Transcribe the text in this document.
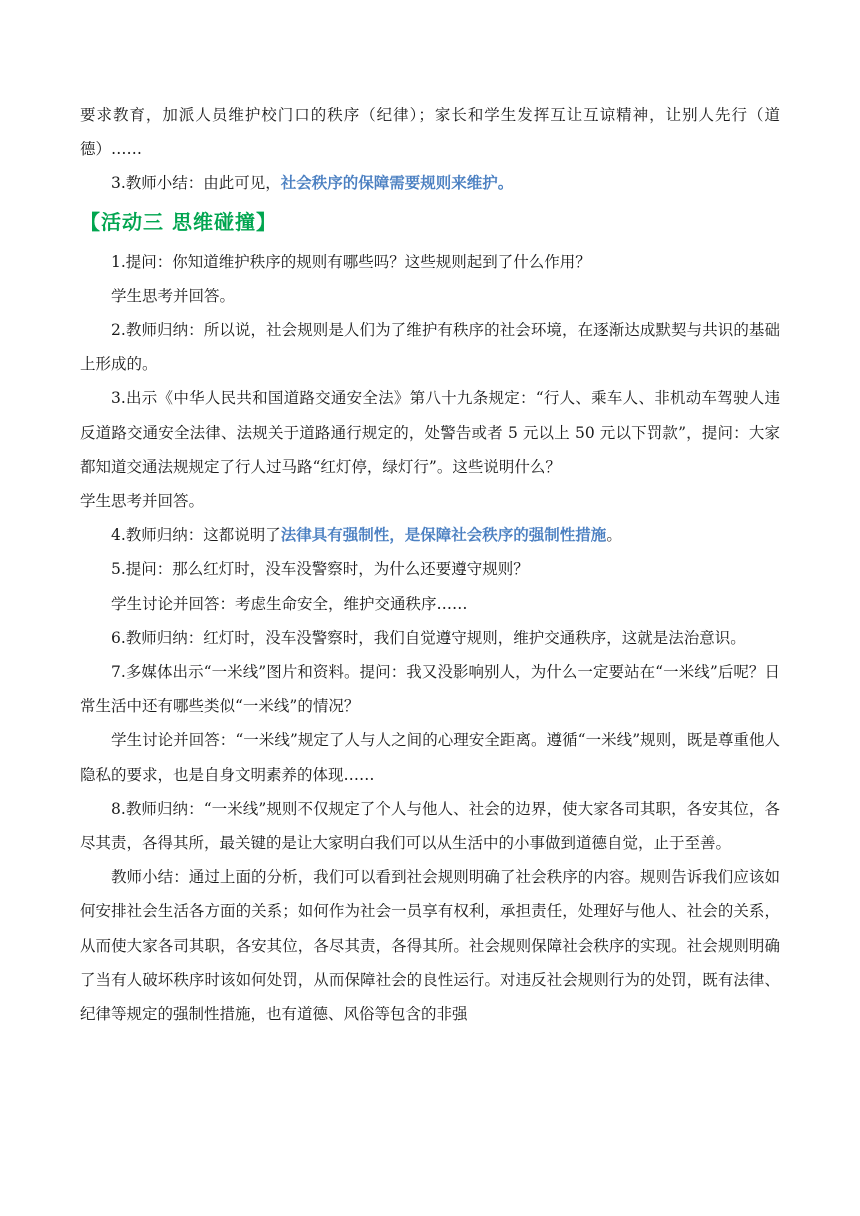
要求教育，加派人员维护校门口的秩序（纪律）；家长和学生发挥互让互谅精神，让别人先行（道德）……

3.教师小结：由此可见，社会秩序的保障需要规则来维护。

【活动三 思维碰撞】

1.提问：你知道维护秩序的规则有哪些吗？这些规则起到了什么作用？

学生思考并回答。

2.教师归纳：所以说，社会规则是人们为了维护有秩序的社会环境，在逐渐达成默契与共识的基础上形成的。

3.出示《中华人民共和国道路交通安全法》第八十九条规定：“行人、乘车人、非机动车驾驶人违反道路交通安全法律、法规关于道路通行规定的，处警告或者 5 元以上 50 元以下罚款”，提问：大家都知道交通法规规定了行人过马路“红灯停，绿灯行”。这些说明什么？

学生思考并回答。

4.教师归纳：这都说明了法律具有强制性，是保障社会秩序的强制性措施。

5.提问：那么红灯时，没车没警察时，为什么还要遵守规则？

学生讨论并回答：考虑生命安全，维护交通秩序……

6.教师归纳：红灯时，没车没警察时，我们自觉遵守规则，维护交通秩序，这就是法治意识。

7.多媒体出示“一米线”图片和资料。提问：我又没影响别人，为什么一定要站在“一米线”后呢？日常生活中还有哪些类似“一米线”的情况？

学生讨论并回答：“一米线”规定了人与人之间的心理安全距离。遵循“一米线”规则，既是尊重他人隐私的要求，也是自身文明素养的体现……

8.教师归纳：“一米线”规则不仅规定了个人与他人、社会的边界，使大家各司其职，各安其位，各尽其责，各得其所，最关键的是让大家明白我们可以从生活中的小事做到道德自觉，止于至善。

教师小结：通过上面的分析，我们可以看到社会规则明确了社会秩序的内容。规则告诉我们应该如何安排社会生活各方面的关系；如何作为社会一员享有权利，承担责任，处理好与他人、社会的关系，从而使大家各司其职，各安其位，各尽其责，各得其所。社会规则保障社会秩序的实现。社会规则明确了当有人破坏秩序时该如何处罚，从而保障社会的良性运行。对违反社会规则行为的处罚，既有法律、纪律等规定的强制性措施，也有道德、风俗等包含的非强
